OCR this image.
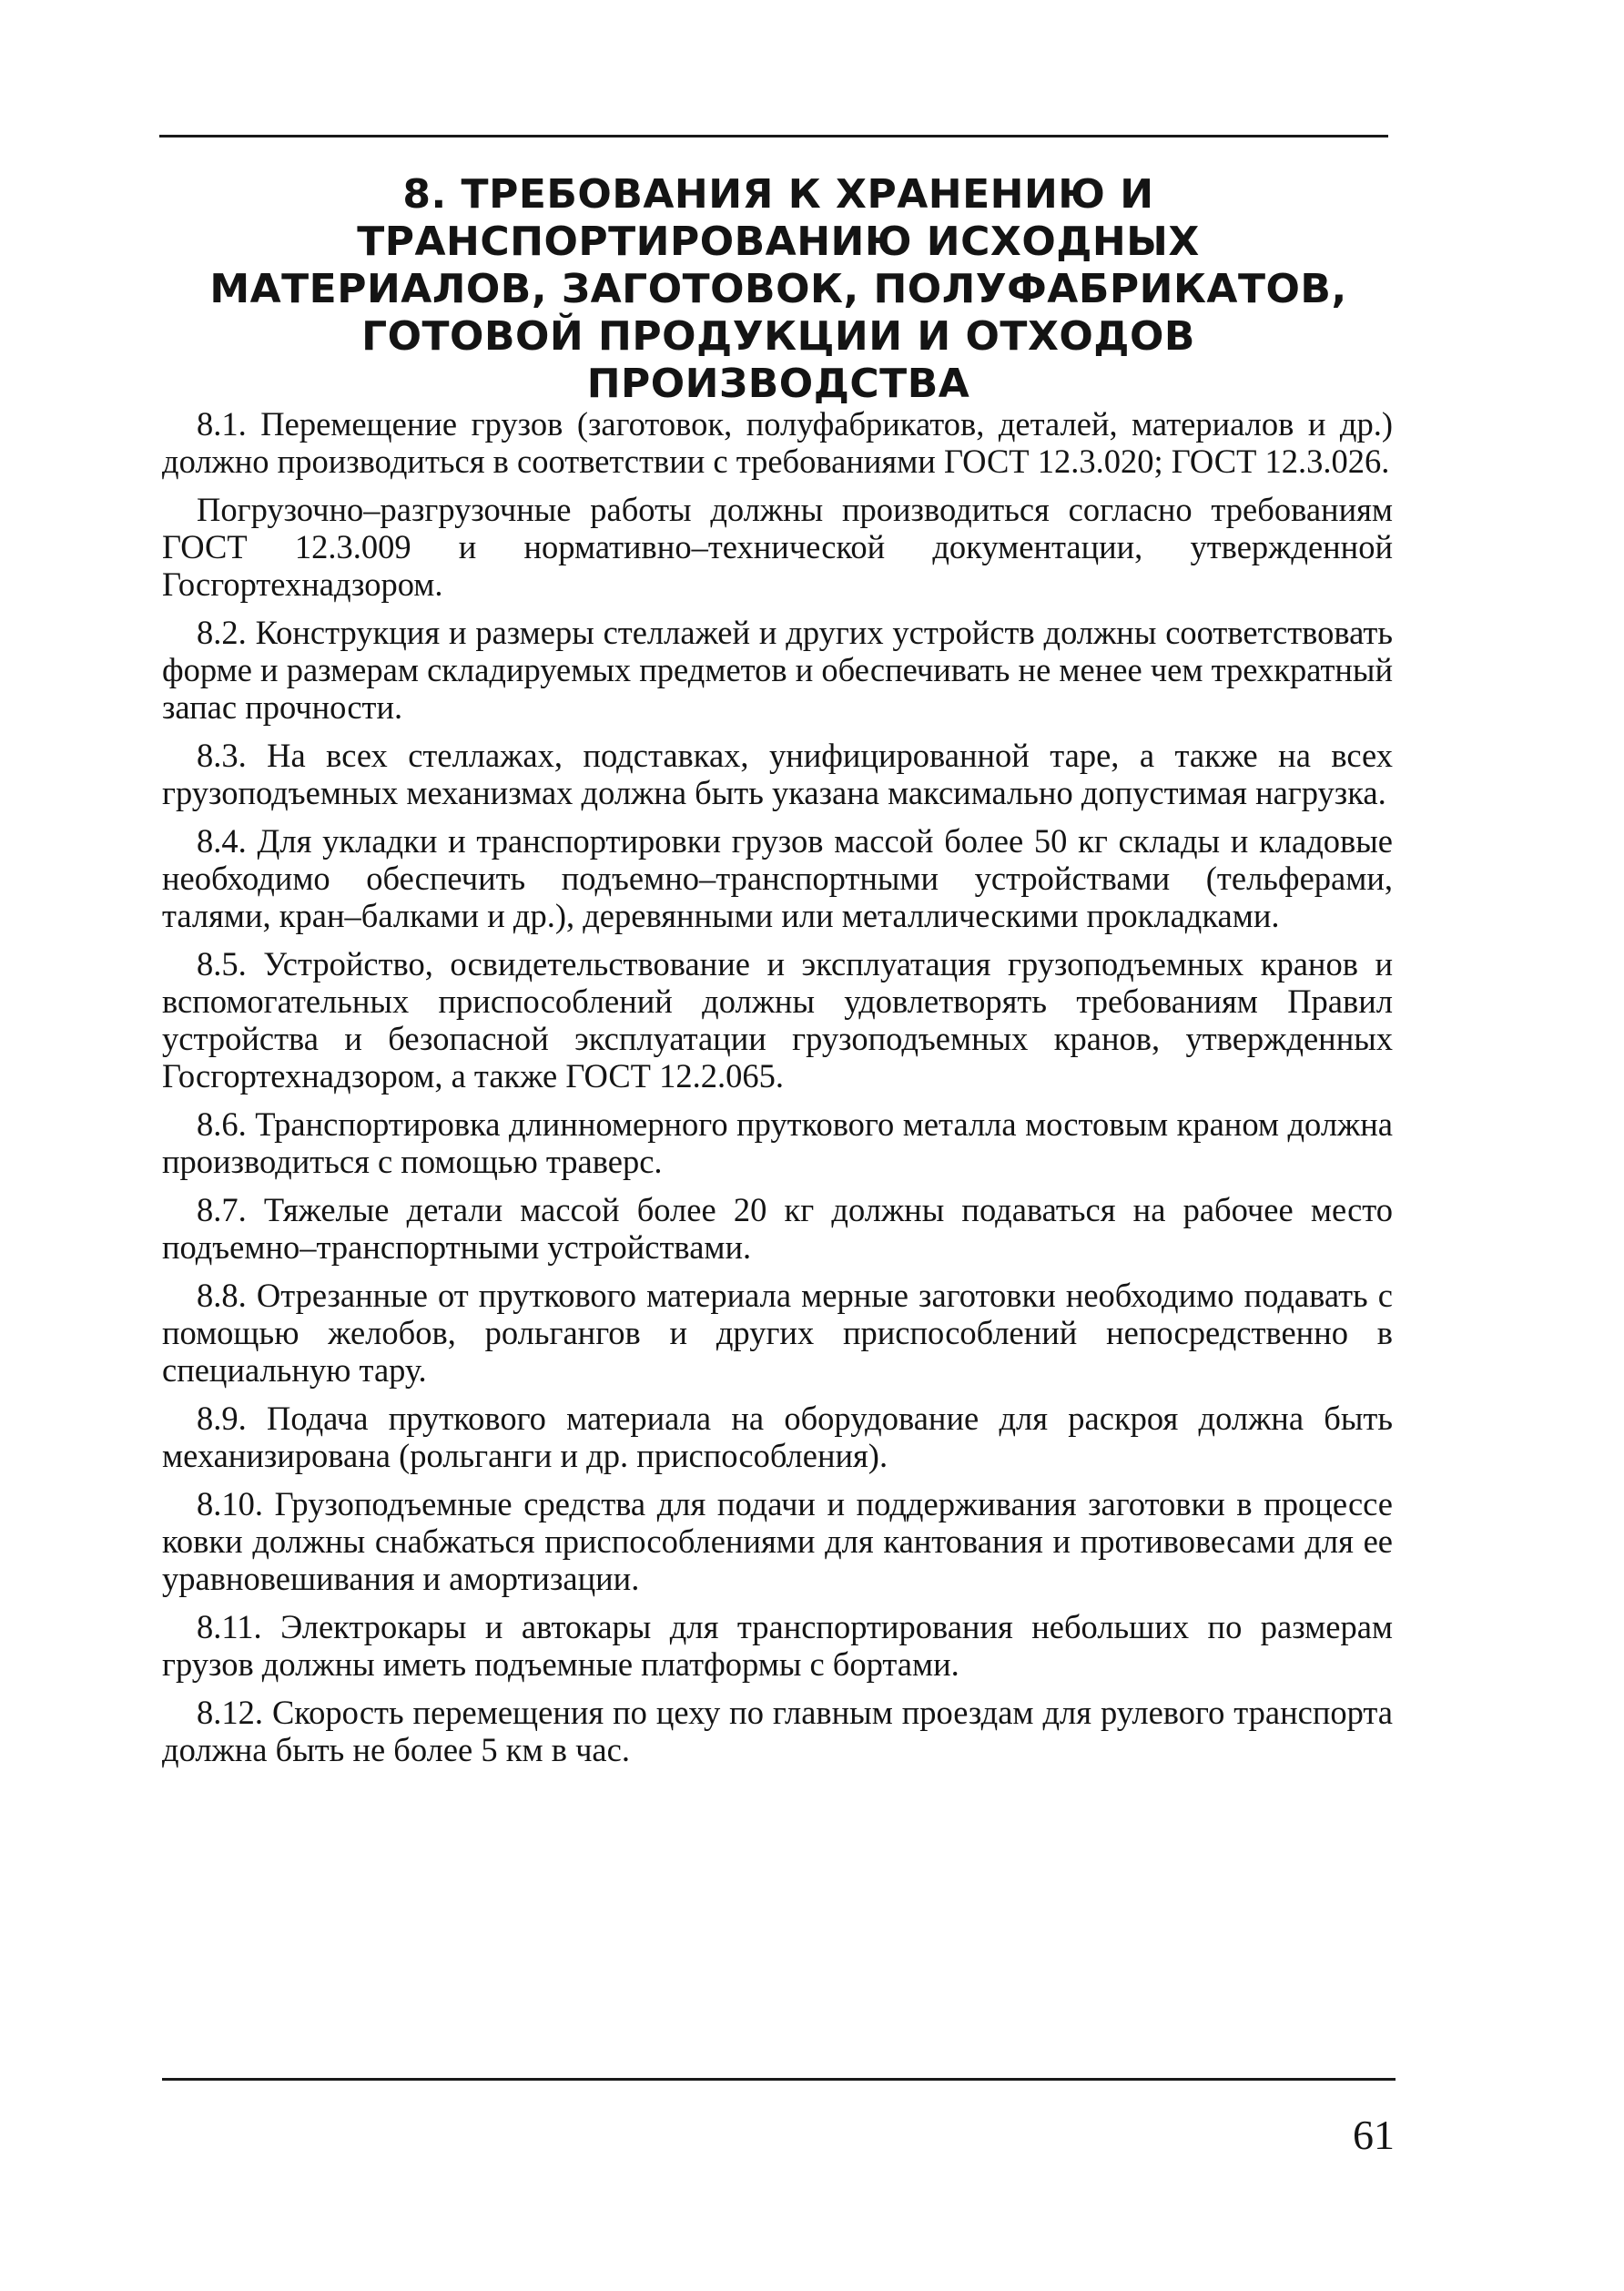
8. ТРЕБОВАНИЯ К ХРАНЕНИЮ И
ТРАНСПОРТИРОВАНИЮ ИСХОДНЫХ
МАТЕРИАЛОВ, ЗАГОТОВОК, ПОЛУФАБРИКАТОВ,
ГОТОВОЙ ПРОДУКЦИИ И ОТХОДОВ
ПРОИЗВОДСТВА

8.1. Перемещение грузов (заготовок, полуфабрикатов, деталей, материалов и др.) должно производиться в соответствии с требованиями ГОСТ 12.3.020; ГОСТ 12.3.026.

Погрузочно–разгрузочные работы должны производиться согласно требованиям ГОСТ 12.3.009 и нормативно–технической документации, утвержденной Госгортехнадзором.

8.2. Конструкция и размеры стеллажей и других устройств должны соответствовать форме и размерам складируемых предметов и обеспечивать не менее чем трехкратный запас прочности.

8.3. На всех стеллажах, подставках, унифицированной таре, а также на всех грузоподъемных механизмах должна быть указана максимально допустимая нагрузка.

8.4. Для укладки и транспортировки грузов массой более 50 кг склады и кладовые необходимо обеспечить подъемно–транспортными устройствами (тельферами, талями, кран–балками и др.), деревянными или металлическими прокладками.

8.5. Устройство, освидетельствование и эксплуатация грузоподъемных кранов и вспомогательных приспособлений должны удовлетворять требованиям Правил устройства и безопасной эксплуатации грузоподъемных кранов, утвержденных Госгортехнадзором, а также ГОСТ 12.2.065.

8.6. Транспортировка длинномерного пруткового металла мостовым краном должна производиться с помощью траверс.

8.7. Тяжелые детали массой более 20 кг должны подаваться на рабочее место подъемно–транспортными устройствами.

8.8. Отрезанные от пруткового материала мерные заготовки необходимо подавать с помощью желобов, рольгангов и других приспособлений непосредственно в специальную тару.

8.9. Подача пруткового материала на оборудование для раскроя должна быть механизирована (рольганги и др. приспособления).

8.10. Грузоподъемные средства для подачи и поддерживания заготовки в процессе ковки должны снабжаться приспособлениями для кантования и противовесами для ее уравновешивания и амортизации.

8.11. Электрокары и автокары для транспортирования небольших по размерам грузов должны иметь подъемные платформы с бортами.

8.12. Скорость перемещения по цеху по главным проездам для рулевого транспорта должна быть не более 5 км в час.

61
